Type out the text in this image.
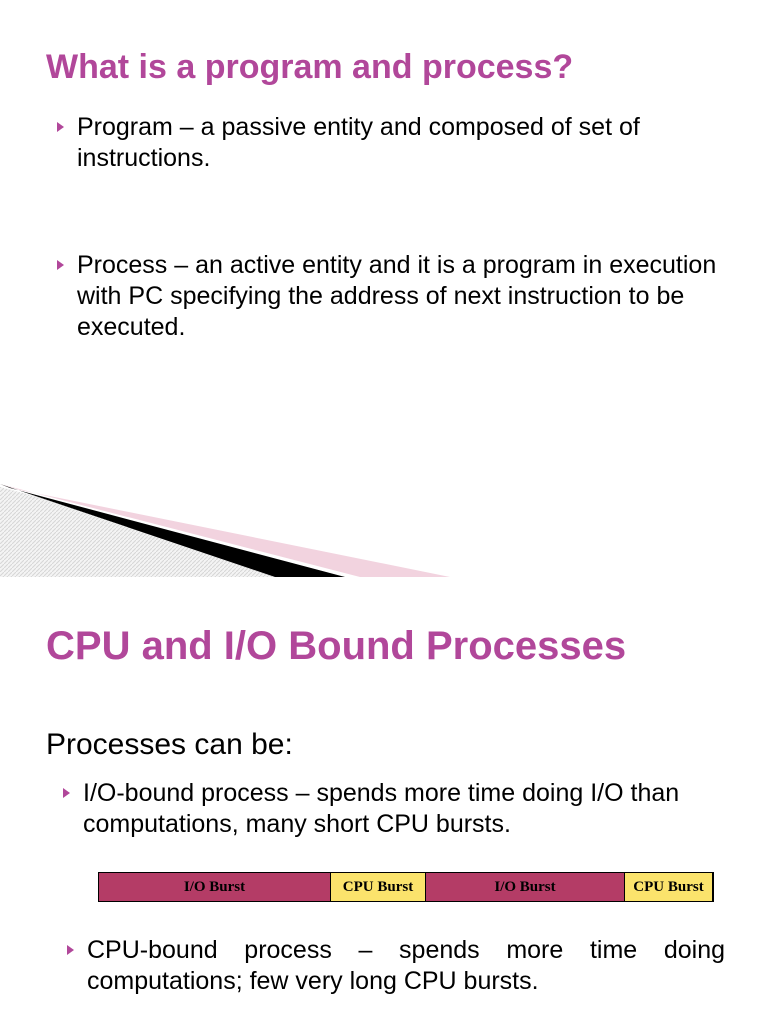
What is a program and process?
Program – a passive entity and composed of set of instructions.
Process – an active entity and it is a program in execution with PC specifying the address of next instruction to be executed.
CPU and I/O Bound Processes
Processes can be:
I/O-bound process – spends more time doing I/O than computations, many short CPU bursts.
I/O Burst	CPU Burst	I/O Burst	CPU Burst
CPU-bound process – spends more time doing computations; few very long CPU bursts.
